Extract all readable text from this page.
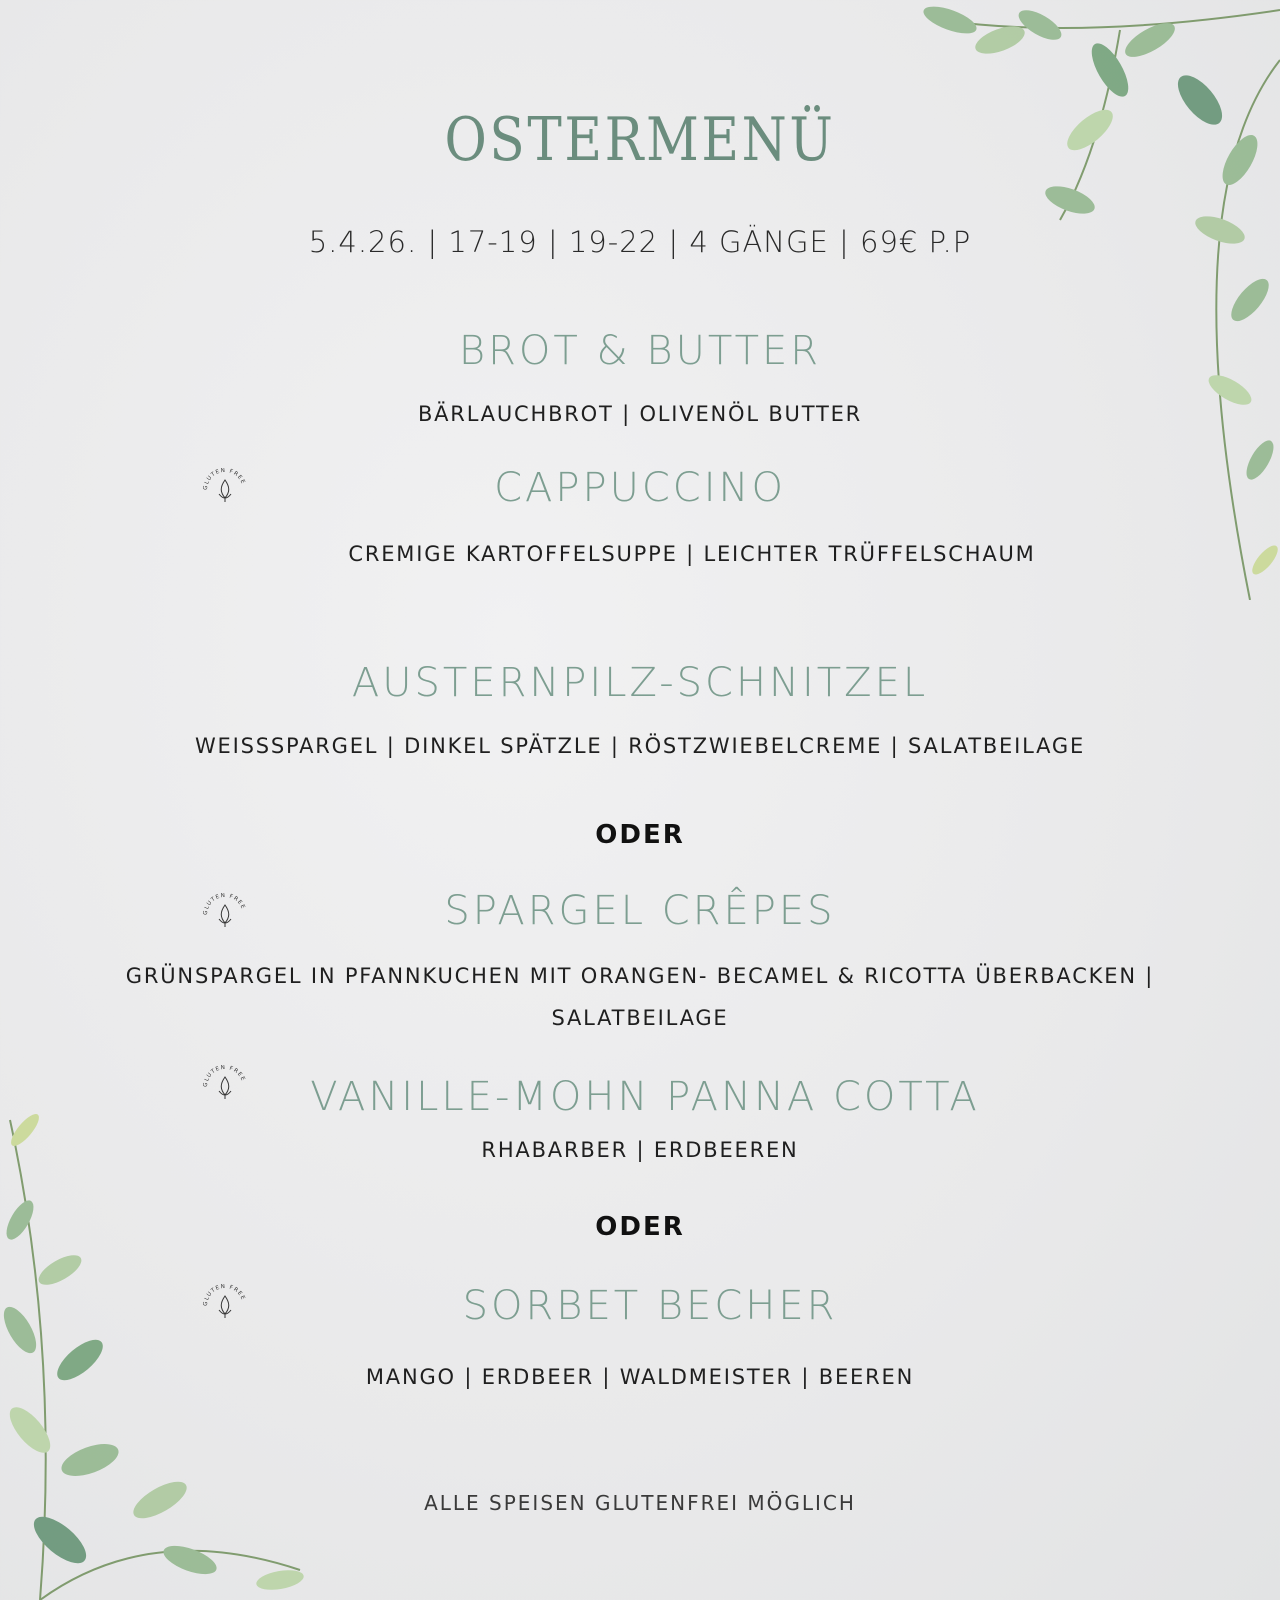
OSTERMENÜ
5.4.26. | 17-19 | 19-22 | 4 GÄNGE | 69€ P.P
BROT & BUTTER
BÄRLAUCHBROT | OLIVENÖL BUTTER
CAPPUCCINO
CREMIGE KARTOFFELSUPPE | LEICHTER TRÜFFELSCHAUM
AUSTERNPILZ-SCHNITZEL
WEISSSPARGEL | DINKEL SPÄTZLE | RÖSTZWIEBELCREME | SALATBEILAGE
ODER
SPARGEL CRÊPES
GRÜNSPARGEL IN PFANNKUCHEN MIT ORANGEN- BECAMEL & RICOTTA ÜBERBACKEN |
SALATBEILAGE
VANILLE-MOHN PANNA COTTA
RHABARBER | ERDBEEREN
ODER
SORBET BECHER
MANGO | ERDBEER | WALDMEISTER | BEEREN
ALLE SPEISEN GLUTENFREI MÖGLICH
GLUTEN FREE
GLUTEN FREE
GLUTEN FREE
GLUTEN FREE
